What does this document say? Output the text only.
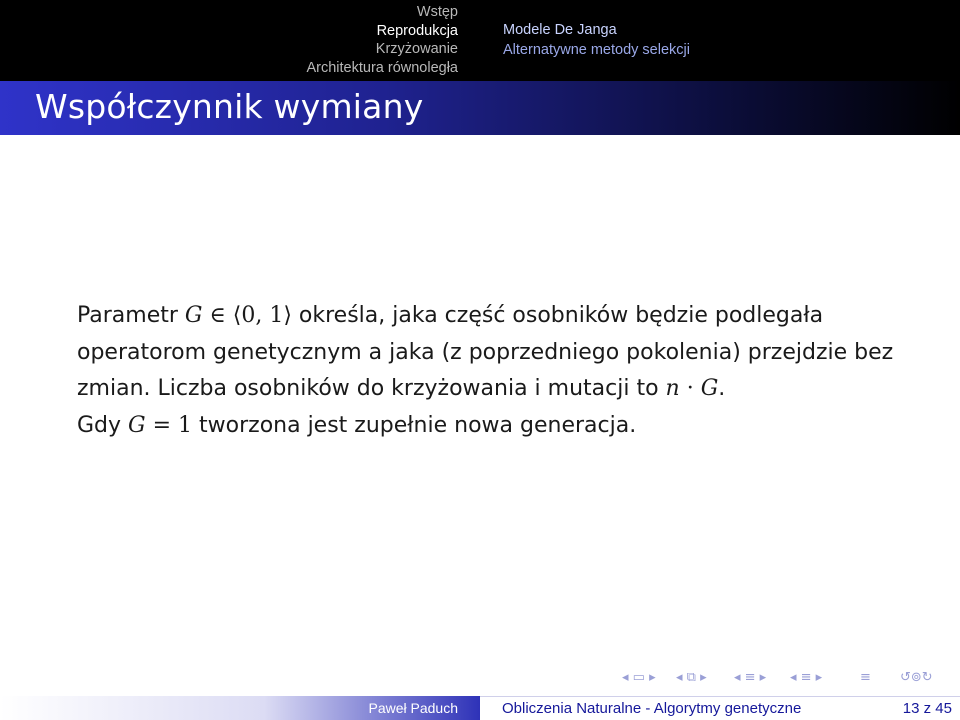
Wstęp
Reprodukcja
Krzyżowanie
Architektura równoległa
Modele De Janga
Alternatywne metody selekcji
Współczynnik wymiany

Parametr G ∈ ⟨0, 1⟩ określa, jaka część osobników będzie podlegała operatorom genetycznym a jaka (z poprzedniego pokolenia) przejdzie bez zmian. Liczba osobników do krzyżowania i mutacji to n · G.

Gdy G = 1 tworzona jest zupełnie nowa generacja.

◂ ▭ ▸ ◂ ⧉ ▸ ◂ ≡ ▸ ◂ ≡ ▸	≡ ↺⊚↻
Paweł Paduch	Obliczenia Naturalne - Algorytmy genetyczne	13 z 45
